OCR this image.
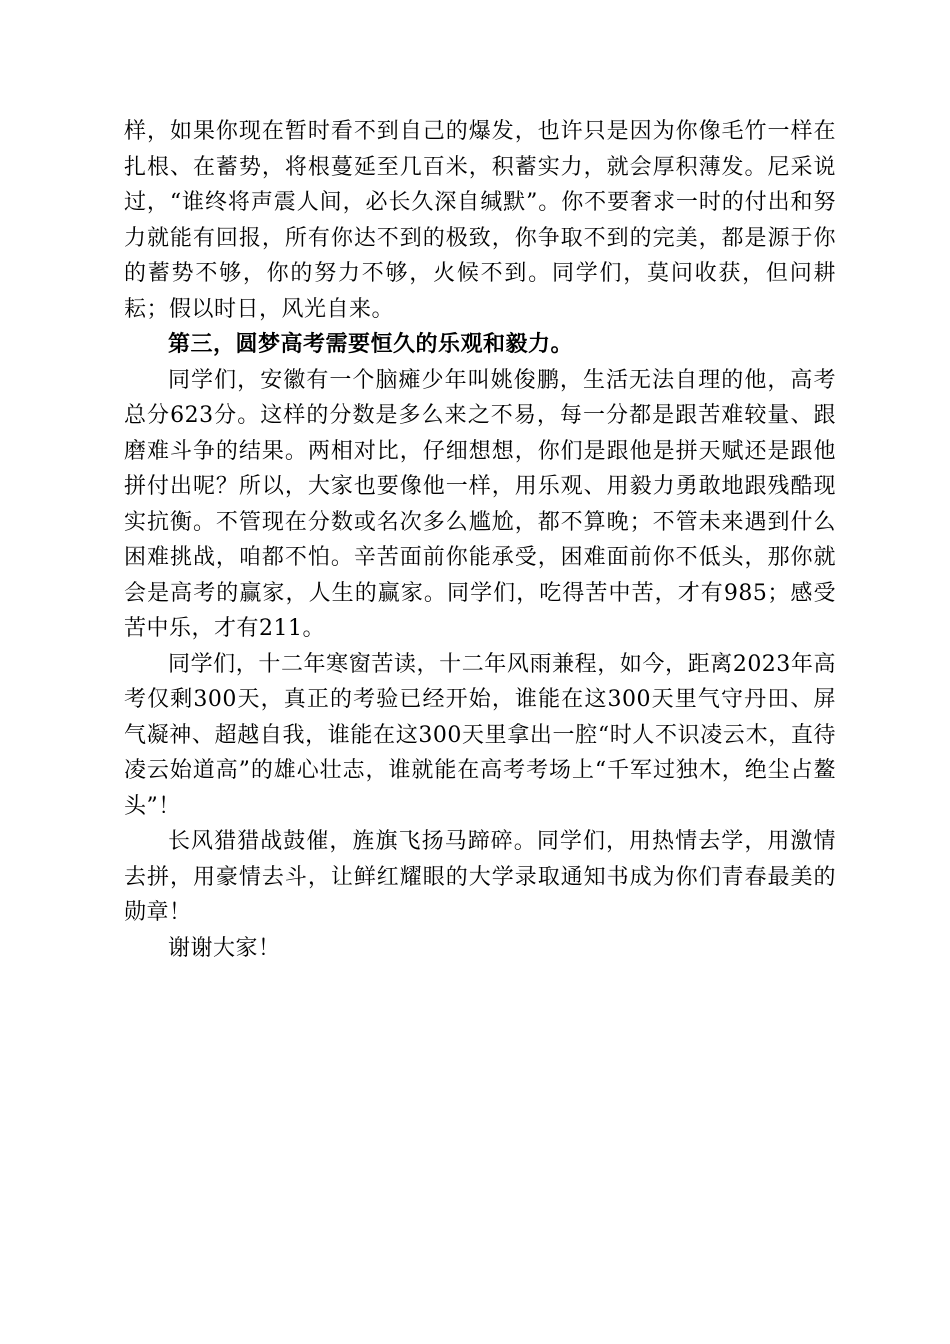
样，如果你现在暂时看不到自己的爆发，也许只是因为你像毛竹一样在扎根、在蓄势，将根蔓延至几百米，积蓄实力，就会厚积薄发。尼采说过，“谁终将声震人间，必长久深自缄默”。你不要奢求一时的付出和努力就能有回报，所有你达不到的极致，你争取不到的完美，都是源于你的蓄势不够，你的努力不够，火候不到。同学们，莫问收获，但问耕耘；假以时日，风光自来。

第三，圆梦高考需要恒久的乐观和毅力。

同学们，安徽有一个脑瘫少年叫姚俊鹏，生活无法自理的他，高考总分623分。这样的分数是多么来之不易，每一分都是跟苦难较量、跟磨难斗争的结果。两相对比，仔细想想，你们是跟他是拼天赋还是跟他拼付出呢？所以，大家也要像他一样，用乐观、用毅力勇敢地跟残酷现实抗衡。不管现在分数或名次多么尴尬，都不算晚；不管未来遇到什么困难挑战，咱都不怕。辛苦面前你能承受，困难面前你不低头，那你就会是高考的赢家，人生的赢家。同学们，吃得苦中苦，才有985；感受苦中乐，才有211。

同学们，十二年寒窗苦读，十二年风雨兼程，如今，距离2023年高考仅剩300天，真正的考验已经开始，谁能在这300天里气守丹田、屏气凝神、超越自我，谁能在这300天里拿出一腔“时人不识凌云木，直待凌云始道高”的雄心壮志，谁就能在高考考场上“千军过独木，绝尘占鳌头”！

长风猎猎战鼓催，旌旗飞扬马蹄碎。同学们，用热情去学，用激情去拼，用豪情去斗，让鲜红耀眼的大学录取通知书成为你们青春最美的勋章！

谢谢大家！
